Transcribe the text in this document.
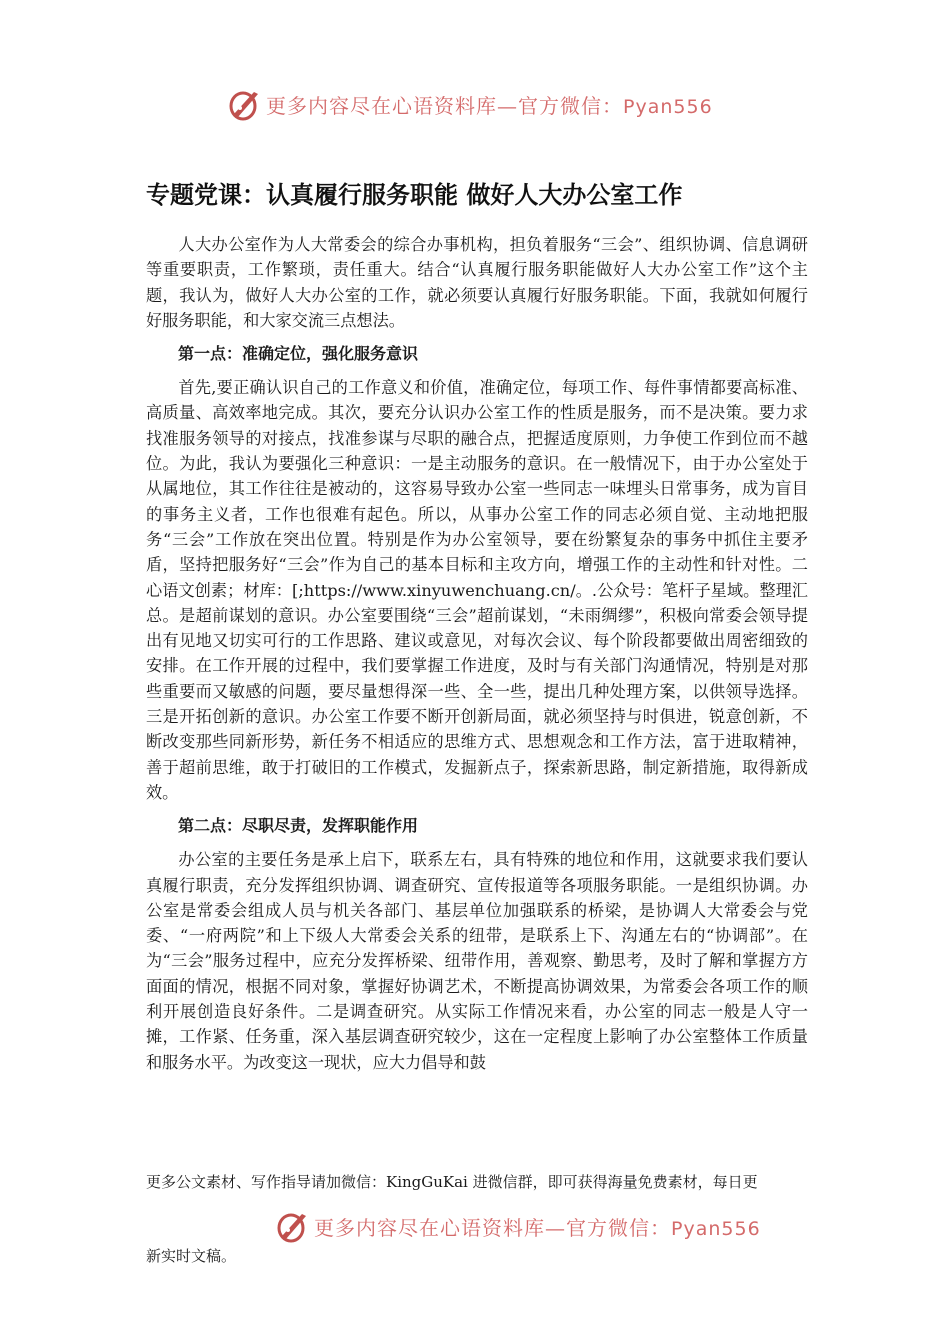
更多内容尽在心语资料库—官方微信：Pyan556
专题党课：认真履行服务职能 做好人大办公室工作

人大办公室作为人大常委会的综合办事机构，担负着服务“三会”、组织协调、信息调研等重要职责，工作繁琐，责任重大。结合“认真履行服务职能做好人大办公室工作”这个主题，我认为，做好人大办公室的工作，就必须要认真履行好服务职能。下面，我就如何履行好服务职能，和大家交流三点想法。

第一点：准确定位，强化服务意识

首先,要正确认识自己的工作意义和价值，准确定位，每项工作、每件事情都要高标准、高质量、高效率地完成。其次，要充分认识办公室工作的性质是服务，而不是决策。要力求找准服务领导的对接点，找准参谋与尽职的融合点，把握适度原则，力争使工作到位而不越位。为此，我认为要强化三种意识：一是主动服务的意识。在一般情况下，由于办公室处于从属地位，其工作往往是被动的，这容易导致办公室一些同志一味埋头日常事务，成为盲目的事务主义者，工作也很难有起色。所以，从事办公室工作的同志必须自觉、主动地把服务“三会”工作放在突出位置。特别是作为办公室领导，要在纷繁复杂的事务中抓住主要矛盾，坚持把服务好“三会”作为自己的基本目标和主攻方向，增强工作的主动性和针对性。二心语文创素；材库：[;https://www.xinyuwenchuang.cn/。.公众号：笔杆子星域。整理汇总。是超前谋划的意识。办公室要围绕“三会”超前谋划，“未雨绸缪”，积极向常委会领导提出有见地又切实可行的工作思路、建议或意见，对每次会议、每个阶段都要做出周密细致的安排。在工作开展的过程中，我们要掌握工作进度，及时与有关部门沟通情况，特别是对那些重要而又敏感的问题，要尽量想得深一些、全一些，提出几种处理方案，以供领导选择。三是开拓创新的意识。办公室工作要不断开创新局面，就必须坚持与时俱进，锐意创新，不断改变那些同新形势，新任务不相适应的思维方式、思想观念和工作方法，富于进取精神，善于超前思维，敢于打破旧的工作模式，发掘新点子，探索新思路，制定新措施，取得新成效。

第二点：尽职尽责，发挥职能作用

办公室的主要任务是承上启下，联系左右，具有特殊的地位和作用，这就要求我们要认真履行职责，充分发挥组织协调、调查研究、宣传报道等各项服务职能。一是组织协调。办公室是常委会组成人员与机关各部门、基层单位加强联系的桥梁，是协调人大常委会与党委、“一府两院”和上下级人大常委会关系的纽带，是联系上下、沟通左右的“协调部”。在为“三会”服务过程中，应充分发挥桥梁、纽带作用，善观察、勤思考，及时了解和掌握方方面面的情况，根据不同对象，掌握好协调艺术，不断提高协调效果，为常委会各项工作的顺利开展创造良好条件。二是调查研究。从实际工作情况来看，办公室的同志一般是人守一摊，工作紧、任务重，深入基层调查研究较少，这在一定程度上影响了办公室整体工作质量和服务水平。为改变这一现状，应大力倡导和鼓

更多公文素材、写作指导请加微信：KingGuKai 进微信群，即可获得海量免费素材，每日更
更多内容尽在心语资料库—官方微信：Pyan556
新实时文稿。
